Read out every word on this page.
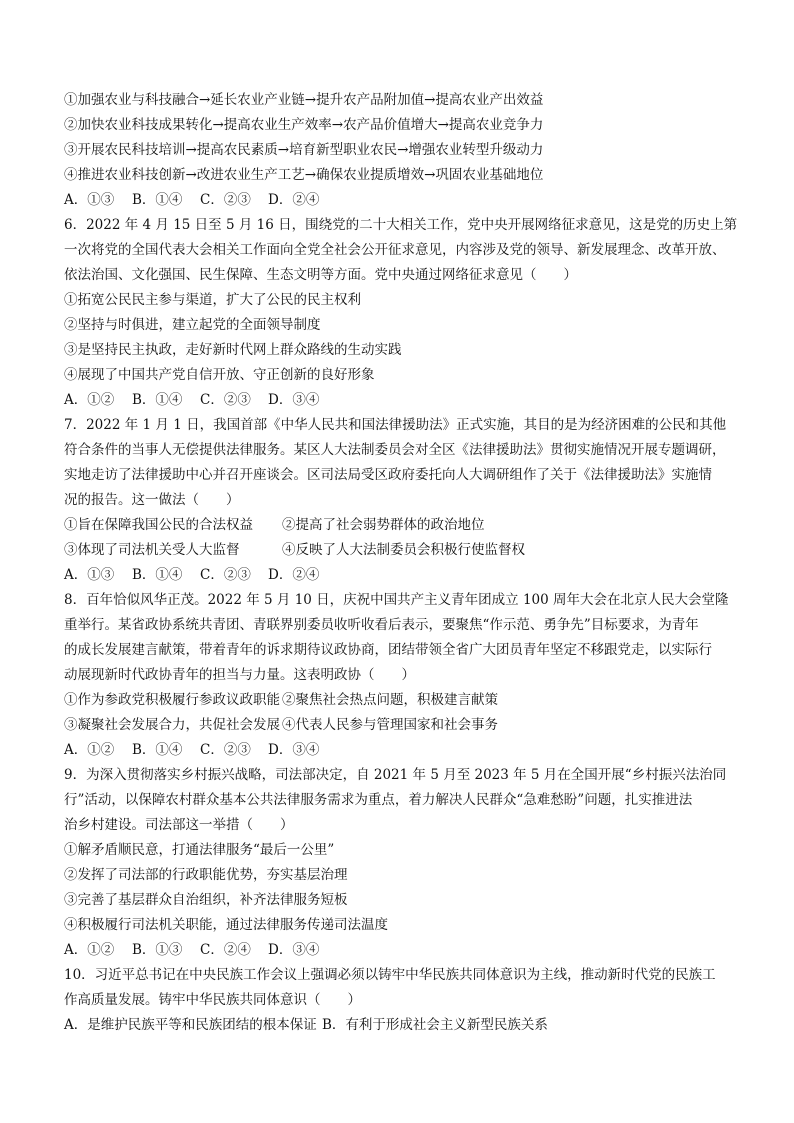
①加强农业与科技融合→延长农业产业链→提升农产品附加值→提高农业产出效益
②加快农业科技成果转化→提高农业生产效率→农产品价值增大→提高农业竞争力
③开展农民科技培训→提高农民素质→培育新型职业农民→增强农业转型升级动力
④推进农业科技创新→改进农业生产工艺→确保农业提质增效→巩固农业基础地位
A．①③	B．①④	C．②③	D．②④
6．2022 年 4 月 15 日至 5 月 16 日，围绕党的二十大相关工作，党中央开展网络征求意见，这是党的历史上第
一次将党的全国代表大会相关工作面向全党全社会公开征求意见，内容涉及党的领导、新发展理念、改革开放、
依法治国、文化强国、民生保障、生态文明等方面。党中央通过网络征求意见（　　）
①拓宽公民民主参与渠道，扩大了公民的民主权利
②坚持与时俱进，建立起党的全面领导制度
③是坚持民主执政，走好新时代网上群众路线的生动实践
④展现了中国共产党自信开放、守正创新的良好形象
A．①②	B．①④	C．②③	D．③④
7．2022 年 1 月 1 日，我国首部《中华人民共和国法律援助法》正式实施，其目的是为经济困难的公民和其他
符合条件的当事人无偿提供法律服务。某区人大法制委员会对全区《法律援助法》贯彻实施情况开展专题调研，
实地走访了法律援助中心并召开座谈会。区司法局受区政府委托向人大调研组作了关于《法律援助法》实施情
况的报告。这一做法（　　）
①旨在保障我国公民的合法权益 ②提高了社会弱势群体的政治地位
③体现了司法机关受人大监督	④反映了人大法制委员会积极行使监督权
A．①③	B．①④	C．②③	D．②④
8．百年恰似风华正茂。2022 年 5 月 10 日，庆祝中国共产主义青年团成立 100 周年大会在北京人民大会堂隆
重举行。某省政协系统共青团、青联界别委员收听收看后表示，要聚焦“作示范、勇争先”目标要求，为青年
的成长发展建言献策，带着青年的诉求期待议政协商，团结带领全省广大团员青年坚定不移跟党走，以实际行
动展现新时代政协青年的担当与力量。这表明政协（　　）
①作为参政党积极履行参政议政职能 ②聚焦社会热点问题，积极建言献策
③凝聚社会发展合力，共促社会发展 ④代表人民参与管理国家和社会事务
A．①②	B．①④	C．②③	D．③④
9．为深入贯彻落实乡村振兴战略，司法部决定，自 2021 年 5 月至 2023 年 5 月在全国开展“乡村振兴法治同
行”活动，以保障农村群众基本公共法律服务需求为重点，着力解决人民群众“急难愁盼”问题，扎实推进法
治乡村建设。司法部这一举措（　　）
①解矛盾顺民意，打通法律服务“最后一公里”
②发挥了司法部的行政职能优势，夯实基层治理
③完善了基层群众自治组织，补齐法律服务短板
④积极履行司法机关职能，通过法律服务传递司法温度
A．①②	B．①③	C．②④	D．③④
10．习近平总书记在中央民族工作会议上强调必须以铸牢中华民族共同体意识为主线，推动新时代党的民族工
作高质量发展。铸牢中华民族共同体意识（　　）
A．是维护民族平等和民族团结的根本保证 B．有利于形成社会主义新型民族关系
